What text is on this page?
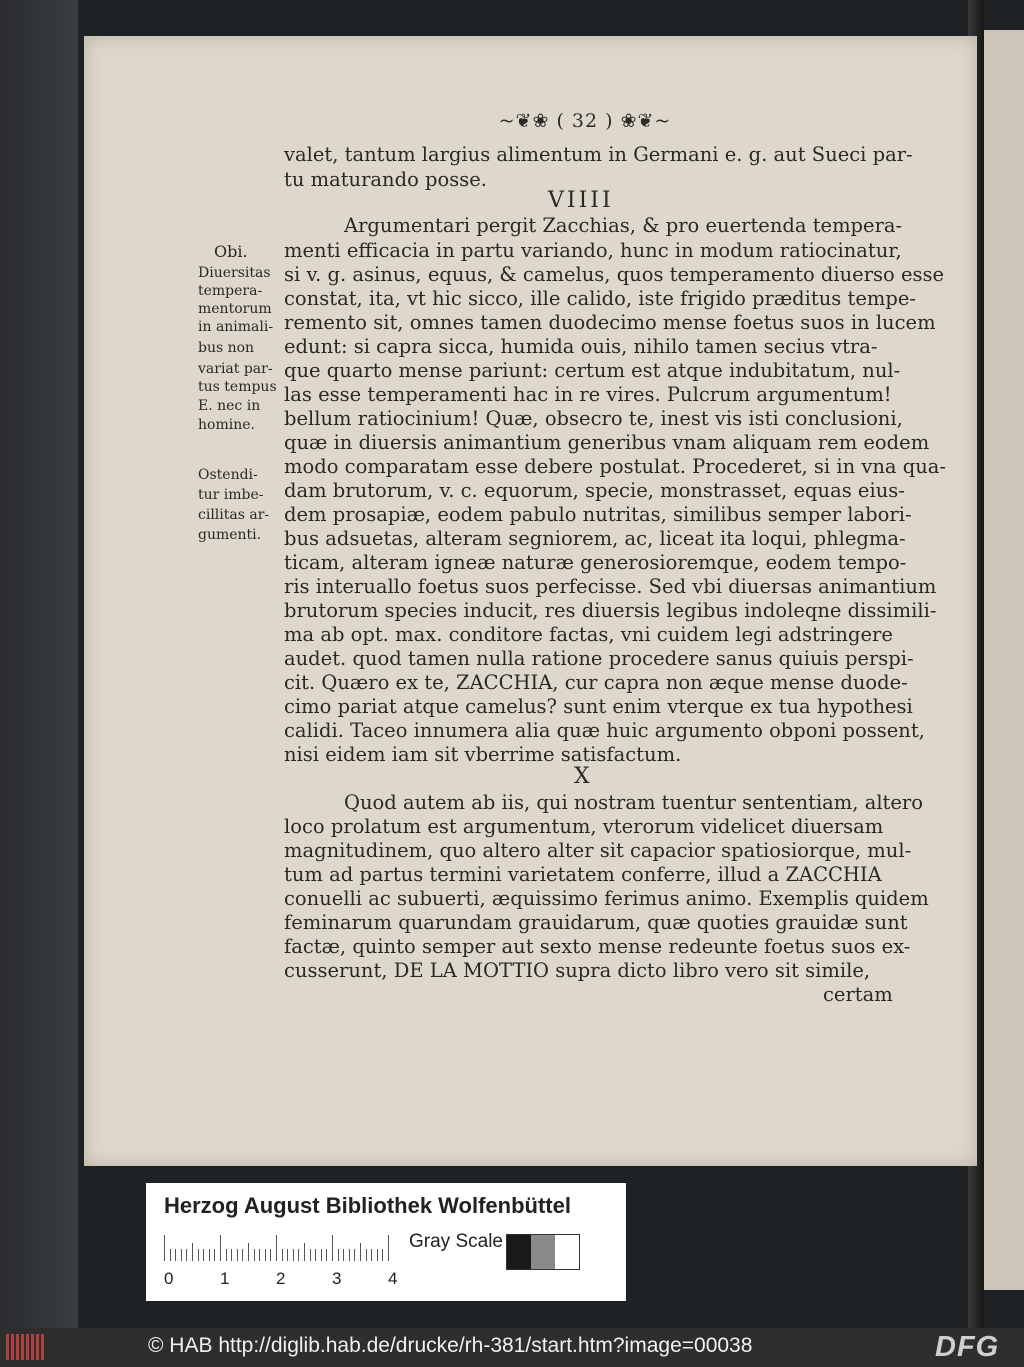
~❦❀ ( 32 ) ❀❦~
valet, tantum largius alimentum in Germani e. g. aut Sueci par-
tu maturando posse.
VIIII
Argumentari pergit Zacchias, & pro euertenda tempera-
menti efficacia in partu variando, hunc in modum ratiocinatur,
si v. g. asinus, equus, & camelus, quos temperamento diuerso esse
constat, ita, vt hic sicco, ille calido, iste frigido præditus tempe-
remento sit, omnes tamen duodecimo mense foetus suos in lucem
edunt: si capra sicca, humida ouis, nihilo tamen secius vtra-
que quarto mense pariunt: certum est atque indubitatum, nul-
las esse temperamenti hac in re vires. Pulcrum argumentum!
bellum ratiocinium! Quæ, obsecro te, inest vis isti conclusioni,
quæ in diuersis animantium generibus vnam aliquam rem eodem
modo comparatam esse debere postulat. Procederet, si in vna qua-
dam brutorum, v. c. equorum, specie, monstrasset, equas eius-
dem prosapiæ, eodem pabulo nutritas, similibus semper labori-
bus adsuetas, alteram segniorem, ac, liceat ita loqui, phlegma-
ticam, alteram igneæ naturæ generosioremque, eodem tempo-
ris interuallo foetus suos perfecisse. Sed vbi diuersas animantium
brutorum species inducit, res diuersis legibus indoleqne dissimili-
ma ab opt. max. conditore factas, vni cuidem legi adstringere
audet. quod tamen nulla ratione procedere sanus quiuis perspi-
cit. Quæro ex te, ZACCHIA, cur capra non æque mense duode-
cimo pariat atque camelus? sunt enim vterque ex tua hypothesi
calidi. Taceo innumera alia quæ huic argumento obponi possent,
nisi eidem iam sit vberrime satisfactum.
X
Quod autem ab iis, qui nostram tuentur sententiam, altero
loco prolatum est argumentum, vterorum videlicet diuersam
magnitudinem, quo altero alter sit capacior spatiosiorque, mul-
tum ad partus termini varietatem conferre, illud a ZACCHIA
conuelli ac subuerti, æquissimo ferimus animo. Exemplis quidem
feminarum quarundam grauidarum, quæ quoties grauidæ sunt
factæ, quinto semper aut sexto mense redeunte foetus suos ex-
cusserunt, DE LA MOTTIO supra dicto libro vero sit simile,
certam
Obi.
Diuersitas
tempera-
mentorum
in animali-
bus non
variat par-
tus tempus
E. nec in
homine.
Ostendi-
tur imbe-
cillitas ar-
gumenti.
Herzog August Bibliothek Wolfenbüttel
0	1	2	3	4
Gray Scale
© HAB http://diglib.hab.de/drucke/rh-381/start.htm?image=00038	DFG
